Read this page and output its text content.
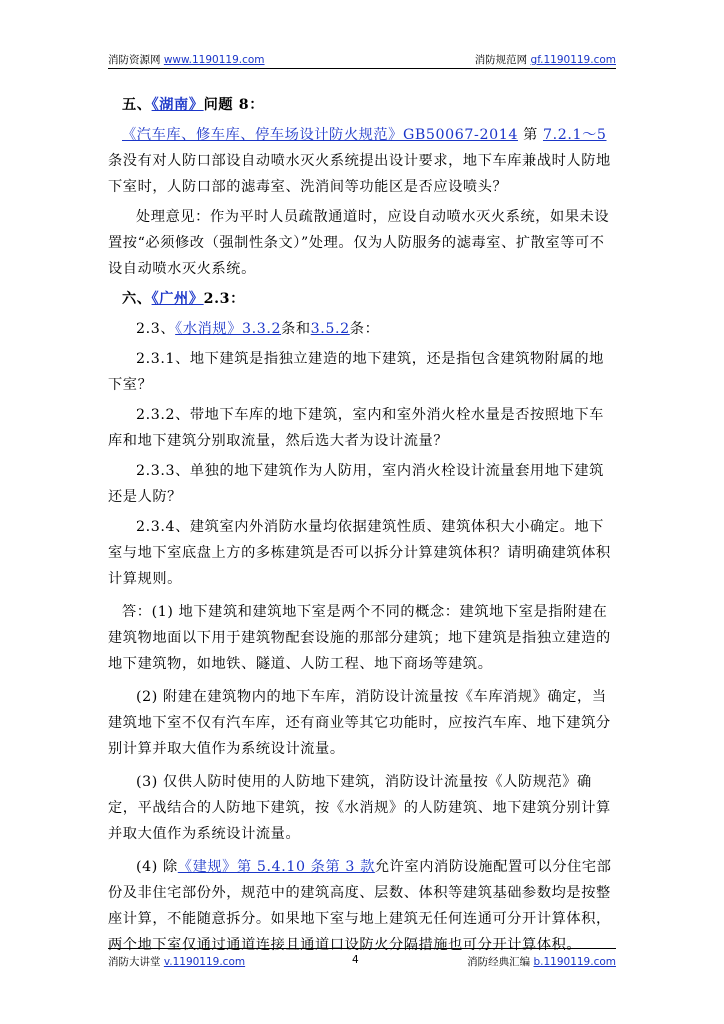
消防资源网 www.1190119.com	消防规范网 gf.1190119.com

五、《湖南》问题 8：

《汽车库、修车库、停车场设计防火规范》GB50067-2014 第 7.2.1～5条没有对人防口部设自动喷水灭火系统提出设计要求，地下车库兼战时人防地下室时，人防口部的滤毒室、洗消间等功能区是否应设喷头？

处理意见：作为平时人员疏散通道时，应设自动喷水灭火系统，如果未设置按“必须修改（强制性条文）”处理。仅为人防服务的滤毒室、扩散室等可不设自动喷水灭火系统。

六、《广州》2.3：

2.3、《水消规》3.3.2条和3.5.2条：

2.3.1、地下建筑是指独立建造的地下建筑，还是指包含建筑物附属的地下室？

2.3.2、带地下车库的地下建筑，室内和室外消火栓水量是否按照地下车库和地下建筑分别取流量，然后选大者为设计流量？

2.3.3、单独的地下建筑作为人防用，室内消火栓设计流量套用地下建筑还是人防？

2.3.4、建筑室内外消防水量均依据建筑性质、建筑体积大小确定。地下室与地下室底盘上方的多栋建筑是否可以拆分计算建筑体积？请明确建筑体积计算规则。

答：(1) 地下建筑和建筑地下室是两个不同的概念：建筑地下室是指附建在建筑物地面以下用于建筑物配套设施的那部分建筑；地下建筑是指独立建造的地下建筑物，如地铁、隧道、人防工程、地下商场等建筑。

(2) 附建在建筑物内的地下车库，消防设计流量按《车库消规》确定，当建筑地下室不仅有汽车库，还有商业等其它功能时，应按汽车库、地下建筑分别计算并取大值作为系统设计流量。

(3) 仅供人防时使用的人防地下建筑，消防设计流量按《人防规范》确定，平战结合的人防地下建筑，按《水消规》的人防建筑、地下建筑分别计算并取大值作为系统设计流量。

(4) 除《建规》第 5.4.10 条第 3 款允许室内消防设施配置可以分住宅部份及非住宅部份外，规范中的建筑高度、层数、体积等建筑基础参数均是按整座计算，不能随意拆分。如果地下室与地上建筑无任何连通可分开计算体积，两个地下室仅通过通道连接且通道口设防火分隔措施也可分开计算体积。

消防大讲堂 v.1190119.com	4	消防经典汇编 b.1190119.com
